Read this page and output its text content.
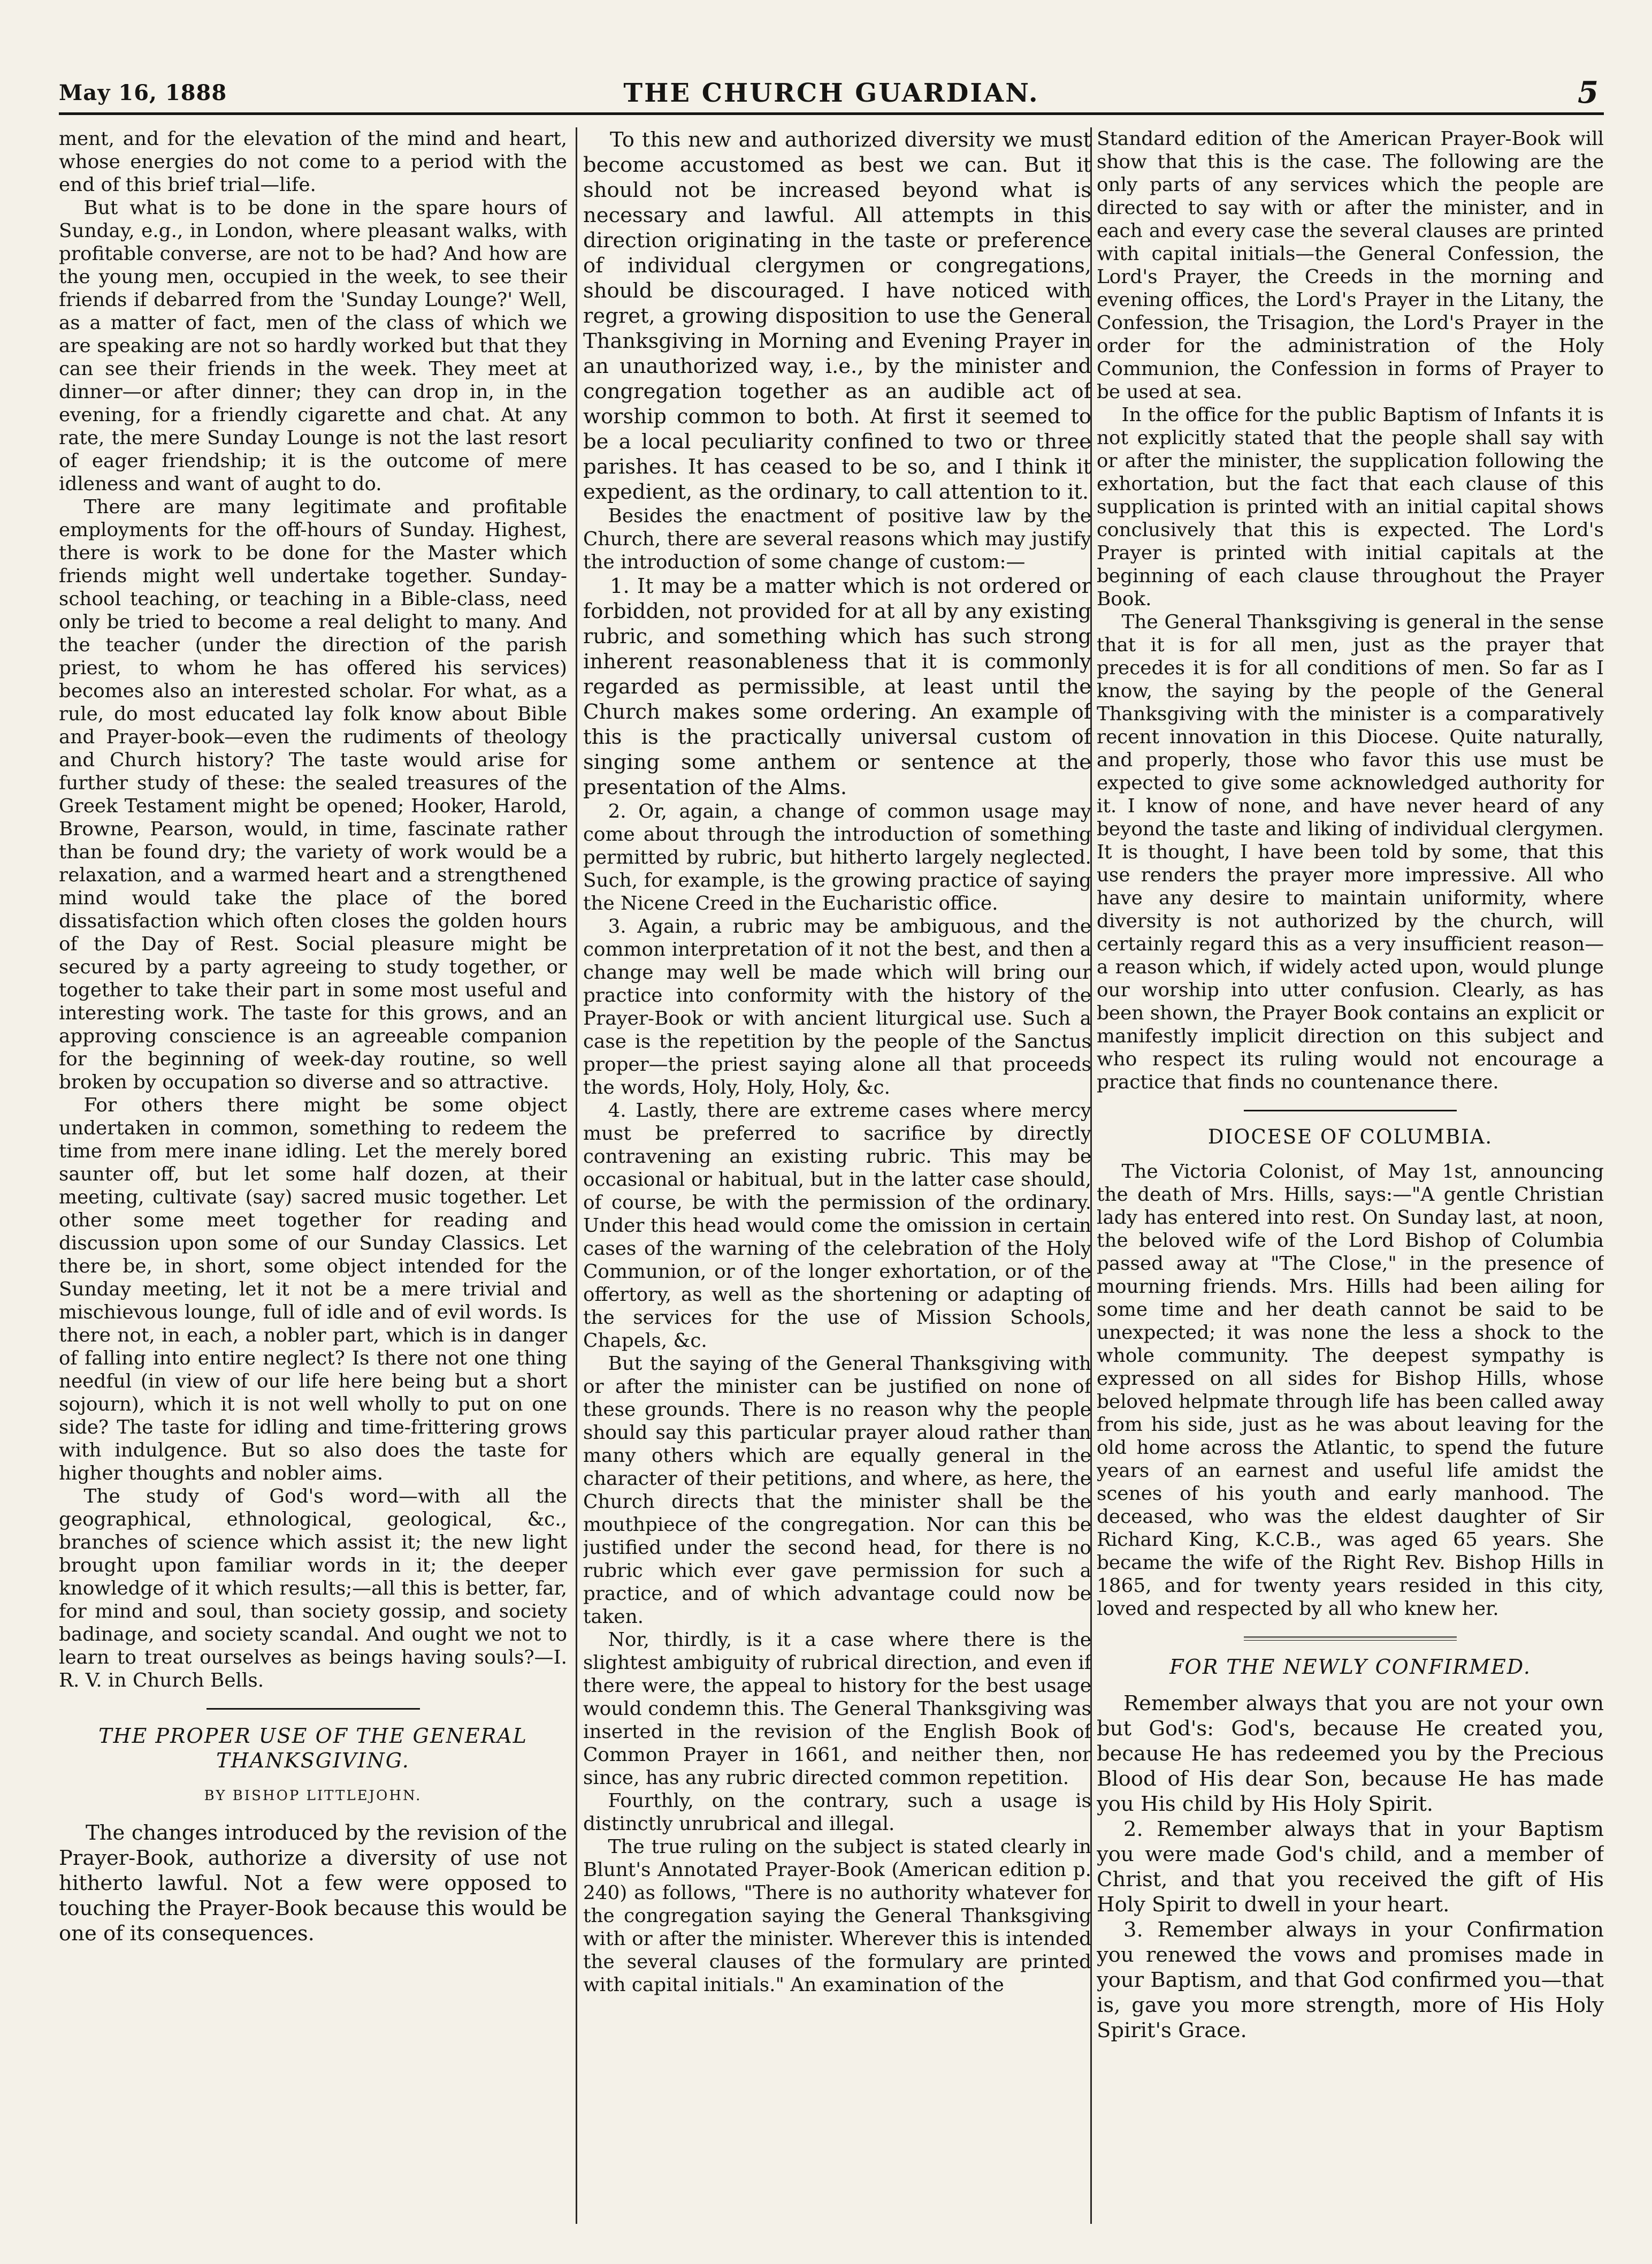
May 16, 1888	THE CHURCH GUARDIAN.	5

ment, and for the elevation of the mind and heart, whose energies do not come to a period with the end of this brief trial—life.

But what is to be done in the spare hours of Sunday, e.g., in London, where pleasant walks, with profitable converse, are not to be had? And how are the young men, occupied in the week, to see their friends if debarred from the 'Sunday Lounge?' Well, as a matter of fact, men of the class of which we are speaking are not so hardly worked but that they can see their friends in the week. They meet at dinner—or after dinner; they can drop in, in the evening, for a friendly cigarette and chat. At any rate, the mere Sunday Lounge is not the last resort of eager friendship; it is the outcome of mere idleness and want of aught to do.

There are many legitimate and profitable employments for the off-hours of Sunday. Highest, there is work to be done for the Master which friends might well undertake together. Sunday-school teaching, or teaching in a Bible-class, need only be tried to become a real delight to many. And the teacher (under the direction of the parish priest, to whom he has offered his services) becomes also an interested scholar. For what, as a rule, do most educated lay folk know about Bible and Prayer-book—even the rudiments of theology and Church history? The taste would arise for further study of these: the sealed treasures of the Greek Testament might be opened; Hooker, Harold, Browne, Pearson, would, in time, fascinate rather than be found dry; the variety of work would be a relaxation, and a warmed heart and a strengthened mind would take the place of the bored dissatisfaction which often closes the golden hours of the Day of Rest. Social pleasure might be secured by a party agreeing to study together, or together to take their part in some most useful and interesting work. The taste for this grows, and an approving conscience is an agreeable companion for the beginning of week-day routine, so well broken by occupation so diverse and so attractive.

For others there might be some object undertaken in common, something to redeem the time from mere inane idling. Let the merely bored saunter off, but let some half dozen, at their meeting, cultivate (say) sacred music together. Let other some meet together for reading and discussion upon some of our Sunday Classics. Let there be, in short, some object intended for the Sunday meeting, let it not be a mere trivial and mischievous lounge, full of idle and of evil words. Is there not, in each, a nobler part, which is in danger of falling into entire neglect? Is there not one thing needful (in view of our life here being but a short sojourn), which it is not well wholly to put on one side? The taste for idling and time-frittering grows with indulgence. But so also does the taste for higher thoughts and nobler aims.

The study of God's word—with all the geographical, ethnological, geological, &c., branches of science which assist it; the new light brought upon familiar words in it; the deeper knowledge of it which results;—all this is better, far, for mind and soul, than society gossip, and society badinage, and society scandal. And ought we not to learn to treat ourselves as beings having souls?—I. R. V. in Church Bells.

THE PROPER USE OF THE GENERAL THANKSGIVING.
BY BISHOP LITTLEJOHN.

The changes introduced by the revision of the Prayer-Book, authorize a diversity of use not hitherto lawful. Not a few were opposed to touching the Prayer-Book because this would be one of its consequences.

To this new and authorized diversity we must become accustomed as best we can. But it should not be increased beyond what is necessary and lawful. All attempts in this direction originating in the taste or preference of individual clergymen or congregations, should be discouraged. I have noticed with regret, a growing disposition to use the General Thanksgiving in Morning and Evening Prayer in an unauthorized way, i.e., by the minister and congregation together as an audible act of worship common to both. At first it seemed to be a local peculiarity confined to two or three parishes. It has ceased to be so, and I think it expedient, as the ordinary, to call attention to it.

Besides the enactment of positive law by the Church, there are several reasons which may justify the introduction of some change of custom:—

1. It may be a matter which is not ordered or forbidden, not provided for at all by any existing rubric, and something which has such strong inherent reasonableness that it is commonly regarded as permissible, at least until the Church makes some ordering. An example of this is the practically universal custom of singing some anthem or sentence at the presentation of the Alms.

2. Or, again, a change of common usage may come about through the introduction of something permitted by rubric, but hitherto largely neglected. Such, for example, is the growing practice of saying the Nicene Creed in the Eucharistic office.

3. Again, a rubric may be ambiguous, and the common interpretation of it not the best, and then a change may well be made which will bring our practice into conformity with the history of the Prayer-Book or with ancient liturgical use. Such a case is the repetition by the people of the Sanctus proper—the priest saying alone all that proceeds the words, Holy, Holy, Holy, &c.

4. Lastly, there are extreme cases where mercy must be preferred to sacrifice by directly contravening an existing rubric. This may be occasional or habitual, but in the latter case should, of course, be with the permission of the ordinary. Under this head would come the omission in certain cases of the warning of the celebration of the Holy Communion, or of the longer exhortation, or of the offertory, as well as the shortening or adapting of the services for the use of Mission Schools, Chapels, &c.

But the saying of the General Thanksgiving with or after the minister can be justified on none of these grounds. There is no reason why the people should say this particular prayer aloud rather than many others which are equally general in the character of their petitions, and where, as here, the Church directs that the minister shall be the mouthpiece of the congregation. Nor can this be justified under the second head, for there is no rubric which ever gave permission for such a practice, and of which advantage could now be taken.

Nor, thirdly, is it a case where there is the slightest ambiguity of rubrical direction, and even if there were, the appeal to history for the best usage would condemn this. The General Thanksgiving was inserted in the revision of the English Book of Common Prayer in 1661, and neither then, nor since, has any rubric directed common repetition.

Fourthly, on the contrary, such a usage is distinctly unrubrical and illegal.

The true ruling on the subject is stated clearly in Blunt's Annotated Prayer-Book (American edition p. 240) as follows, "There is no authority whatever for the congregation saying the General Thanksgiving with or after the minister. Wherever this is intended the several clauses of the formulary are printed with capital initials." An examination of the

Standard edition of the American Prayer-Book will show that this is the case. The following are the only parts of any services which the people are directed to say with or after the minister, and in each and every case the several clauses are printed with capital initials—the General Confession, the Lord's Prayer, the Creeds in the morning and evening offices, the Lord's Prayer in the Litany, the Confession, the Trisagion, the Lord's Prayer in the order for the administration of the Holy Communion, the Confession in forms of Prayer to be used at sea.

In the office for the public Baptism of Infants it is not explicitly stated that the people shall say with or after the minister, the supplication following the exhortation, but the fact that each clause of this supplication is printed with an initial capital shows conclusively that this is expected. The Lord's Prayer is printed with initial capitals at the beginning of each clause throughout the Prayer Book.

The General Thanksgiving is general in the sense that it is for all men, just as the prayer that precedes it is for all conditions of men. So far as I know, the saying by the people of the General Thanksgiving with the minister is a comparatively recent innovation in this Diocese. Quite naturally, and properly, those who favor this use must be expected to give some acknowledged authority for it. I know of none, and have never heard of any beyond the taste and liking of individual clergymen. It is thought, I have been told by some, that this use renders the prayer more impressive. All who have any desire to maintain uniformity, where diversity is not authorized by the church, will certainly regard this as a very insufficient reason—a reason which, if widely acted upon, would plunge our worship into utter confusion. Clearly, as has been shown, the Prayer Book contains an explicit or manifestly implicit direction on this subject and who respect its ruling would not encourage a practice that finds no countenance there.

DIOCESE OF COLUMBIA.

The Victoria Colonist, of May 1st, announcing the death of Mrs. Hills, says:—"A gentle Christian lady has entered into rest. On Sunday last, at noon, the beloved wife of the Lord Bishop of Columbia passed away at "The Close," in the presence of mourning friends. Mrs. Hills had been ailing for some time and her death cannot be said to be unexpected; it was none the less a shock to the whole community. The deepest sympathy is expressed on all sides for Bishop Hills, whose beloved helpmate through life has been called away from his side, just as he was about leaving for the old home across the Atlantic, to spend the future years of an earnest and useful life amidst the scenes of his youth and early manhood. The deceased, who was the eldest daughter of Sir Richard King, K.C.B., was aged 65 years. She became the wife of the Right Rev. Bishop Hills in 1865, and for twenty years resided in this city, loved and respected by all who knew her.

FOR THE NEWLY CONFIRMED.

Remember always that you are not your own but God's: God's, because He created you, because He has redeemed you by the Precious Blood of His dear Son, because He has made you His child by His Holy Spirit.

2. Remember always that in your Baptism you were made God's child, and a member of Christ, and that you received the gift of His Holy Spirit to dwell in your heart.

3. Remember always in your Confirmation you renewed the vows and promises made in your Baptism, and that God confirmed you—that is, gave you more strength, more of His Holy Spirit's Grace.
